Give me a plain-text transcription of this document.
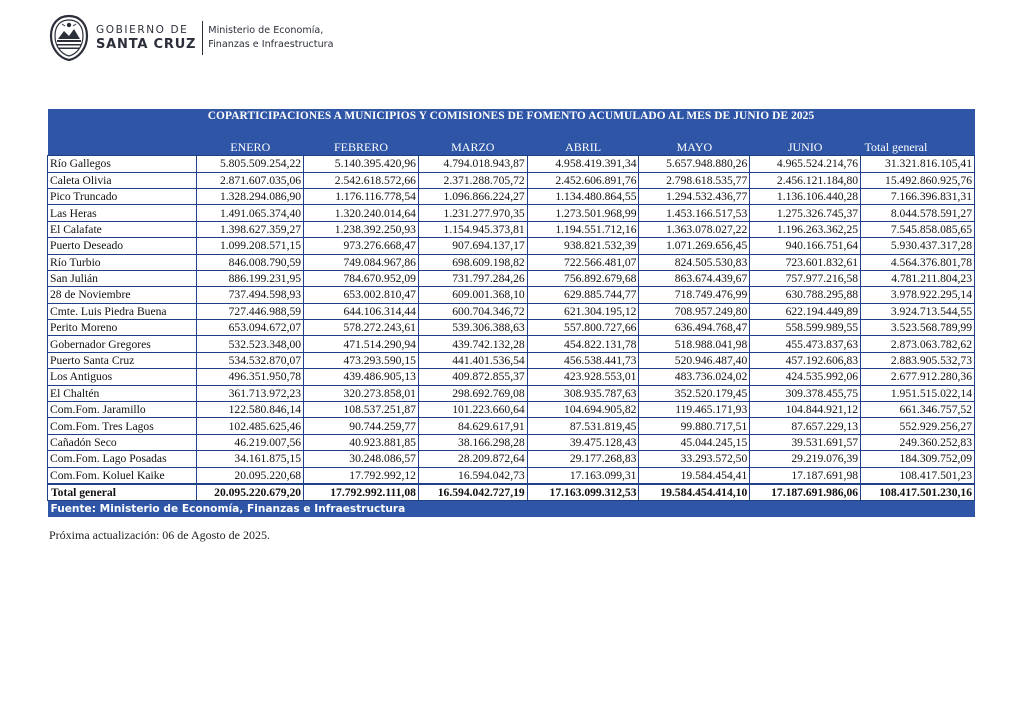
GOBIERNO DE
SANTA CRUZ
Ministerio de Economía,
Finanzas e Infraestructura
COPARTICIPACIONES A MUNICIPIOS Y COMISIONES DE FOMENTO ACUMULADO AL MES DE JUNIO DE 2025							

	ENERO	FEBRERO	MARZO	ABRIL	MAYO	JUNIO	Total general
Río Gallegos	5.805.509.254,22	5.140.395.420,96	4.794.018.943,87	4.958.419.391,34	5.657.948.880,26	4.965.524.214,76	31.321.816.105,41
Caleta Olivia	2.871.607.035,06	2.542.618.572,66	2.371.288.705,72	2.452.606.891,76	2.798.618.535,77	2.456.121.184,80	15.492.860.925,76
Pico Truncado	1.328.294.086,90	1.176.116.778,54	1.096.866.224,27	1.134.480.864,55	1.294.532.436,77	1.136.106.440,28	7.166.396.831,31
Las Heras	1.491.065.374,40	1.320.240.014,64	1.231.277.970,35	1.273.501.968,99	1.453.166.517,53	1.275.326.745,37	8.044.578.591,27
El Calafate	1.398.627.359,27	1.238.392.250,93	1.154.945.373,81	1.194.551.712,16	1.363.078.027,22	1.196.263.362,25	7.545.858.085,65
Puerto Deseado	1.099.208.571,15	973.276.668,47	907.694.137,17	938.821.532,39	1.071.269.656,45	940.166.751,64	5.930.437.317,28
Río Turbio	846.008.790,59	749.084.967,86	698.609.198,82	722.566.481,07	824.505.530,83	723.601.832,61	4.564.376.801,78
San Julián	886.199.231,95	784.670.952,09	731.797.284,26	756.892.679,68	863.674.439,67	757.977.216,58	4.781.211.804,23
28 de Noviembre	737.494.598,93	653.002.810,47	609.001.368,10	629.885.744,77	718.749.476,99	630.788.295,88	3.978.922.295,14
Cmte. Luis Piedra Buena	727.446.988,59	644.106.314,44	600.704.346,72	621.304.195,12	708.957.249,80	622.194.449,89	3.924.713.544,55
Perito Moreno	653.094.672,07	578.272.243,61	539.306.388,63	557.800.727,66	636.494.768,47	558.599.989,55	3.523.568.789,99
Gobernador Gregores	532.523.348,00	471.514.290,94	439.742.132,28	454.822.131,78	518.988.041,98	455.473.837,63	2.873.063.782,62
Puerto Santa Cruz	534.532.870,07	473.293.590,15	441.401.536,54	456.538.441,73	520.946.487,40	457.192.606,83	2.883.905.532,73
Los Antiguos	496.351.950,78	439.486.905,13	409.872.855,37	423.928.553,01	483.736.024,02	424.535.992,06	2.677.912.280,36
El Chaltén	361.713.972,23	320.273.858,01	298.692.769,08	308.935.787,63	352.520.179,45	309.378.455,75	1.951.515.022,14
Com.Fom. Jaramillo	122.580.846,14	108.537.251,87	101.223.660,64	104.694.905,82	119.465.171,93	104.844.921,12	661.346.757,52
Com.Fom. Tres Lagos	102.485.625,46	90.744.259,77	84.629.617,91	87.531.819,45	99.880.717,51	87.657.229,13	552.929.256,27
Cañadón Seco	46.219.007,56	40.923.881,85	38.166.298,28	39.475.128,43	45.044.245,15	39.531.691,57	249.360.252,83
Com.Fom. Lago Posadas	34.161.875,15	30.248.086,57	28.209.872,64	29.177.268,83	33.293.572,50	29.219.076,39	184.309.752,09
Com.Fom. Koluel Kaike	20.095.220,68	17.792.992,12	16.594.042,73	17.163.099,31	19.584.454,41	17.187.691,98	108.417.501,23
Total general	20.095.220.679,20	17.792.992.111,08	16.594.042.727,19	17.163.099.312,53	19.584.454.414,10	17.187.691.986,06	108.417.501.230,16
Fuente: Ministerio de Economía, Finanzas e Infraestructura							
Próxima actualización: 06 de Agosto de 2025.
